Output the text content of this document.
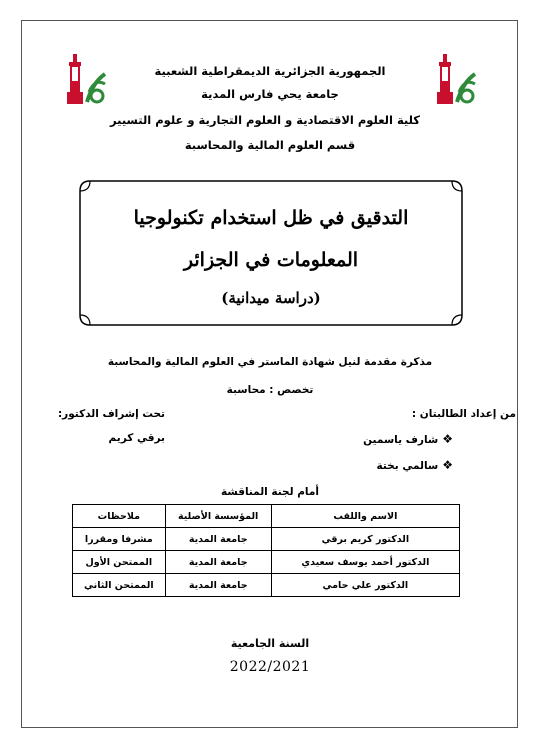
الجمهورية الجزائرية الديمقراطية الشعبية
جامعة يحي فارس المدية
كلية العلوم الاقتصادية و العلوم التجارية و علوم التسيير
قسم العلوم المالية والمحاسبة
التدقيق في ظل استخدام تكنولوجيا
المعلومات في الجزائر
(دراسة ميدانية)
مذكرة مقدمة لنيل شهادة الماستر في العلوم المالية والمحاسبة
تخصص : محاسبة
من إعداد الطالبتان :
تحت إشراف الدكتور:
❖شارف ياسمين
❖سالمي بختة
برقي كريم
أمام لجنة المناقشة
الاسم واللقب	المؤسسة الأصلية	ملاحظات
الدكتور كريم برقي	جامعة المدية	مشرفا ومقررا
الدكتور أحمد يوسف سعيدي	جامعة المدية	الممتحن الأول
الدكتور علي حامي	جامعة المدية	الممتحن الثاني
السنة الجامعية
2022/2021
